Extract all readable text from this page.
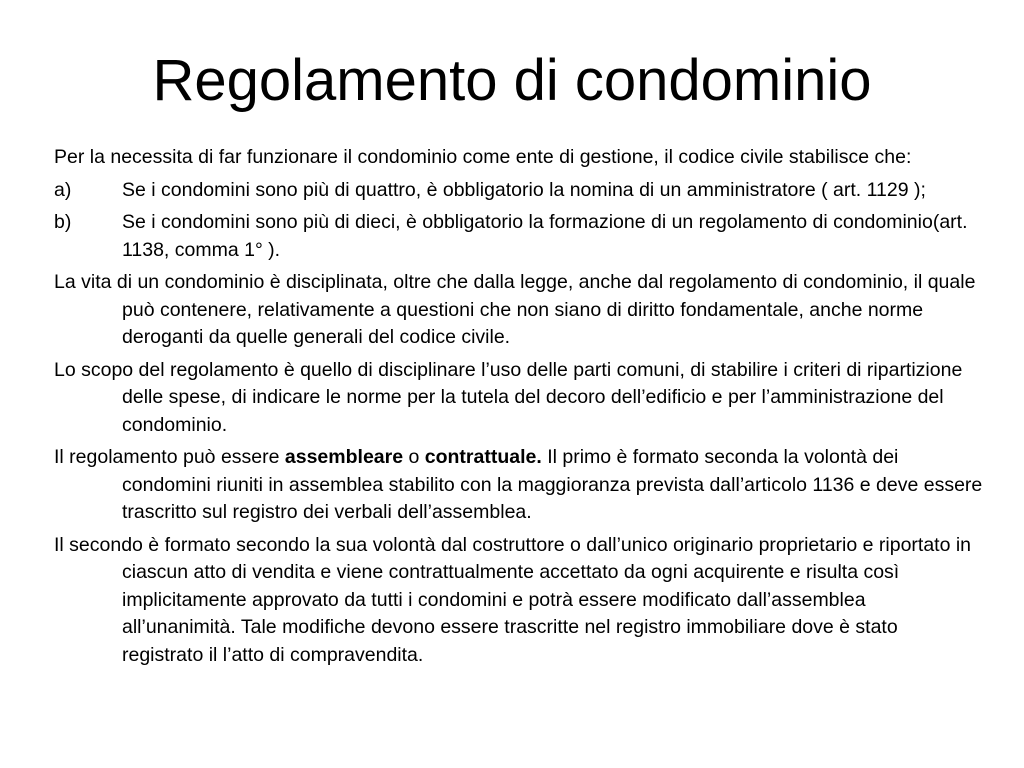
Regolamento di condominio

Per la necessita di far funzionare il condominio come ente di gestione, il codice civile stabilisce che:

a)	Se i condomini sono più di quattro, è obbligatorio la nomina di un amministratore ( art. 1129 );
b)	Se i condomini sono più di dieci, è obbligatorio la formazione di un regolamento di condominio(art. 1138, comma 1° ).

La vita di un condominio è disciplinata, oltre che dalla legge, anche dal regolamento di condominio, il quale può contenere, relativamente a questioni che non siano di diritto fondamentale, anche norme deroganti da quelle generali del codice civile.

Lo scopo del regolamento è quello di disciplinare l’uso delle parti comuni, di stabilire i criteri di ripartizione delle spese, di indicare le norme per la tutela del decoro dell’edificio e per l’amministrazione del condominio.

Il regolamento può essere assembleare o contrattuale. Il primo è formato seconda la volontà dei condomini riuniti in assemblea stabilito con la maggioranza prevista dall’articolo 1136 e deve essere trascritto sul registro dei verbali dell’assemblea.

Il secondo è formato secondo la sua volontà dal costruttore o dall’unico originario proprietario e riportato in ciascun atto di vendita e viene contrattualmente accettato da ogni acquirente e risulta così implicitamente approvato da tutti i condomini e potrà essere modificato dall’assemblea all’unanimità. Tale modifiche devono essere trascritte nel registro immobiliare dove è stato registrato il l’atto di compravendita.
